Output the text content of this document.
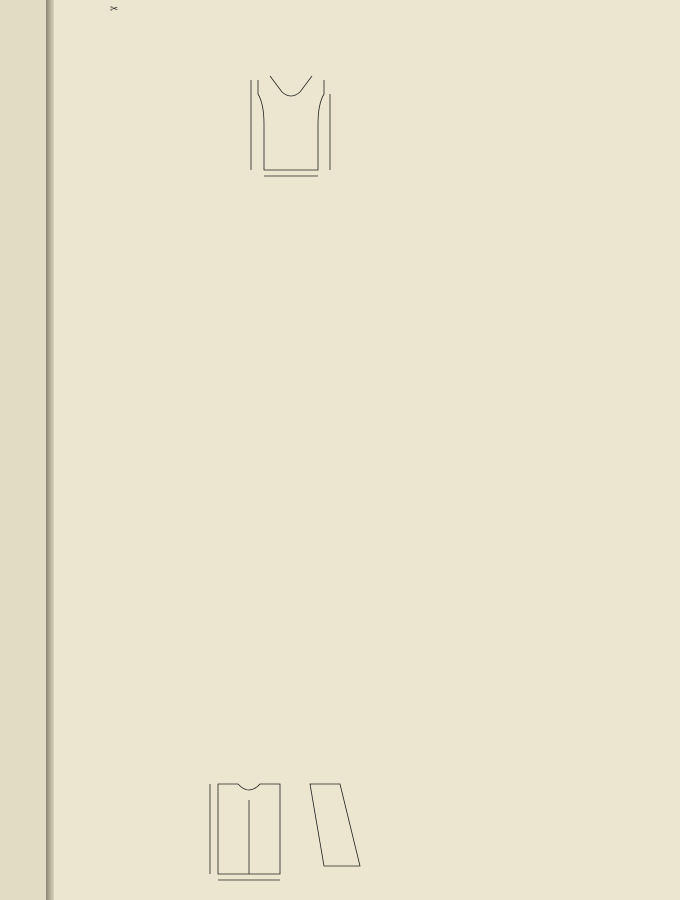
✂
